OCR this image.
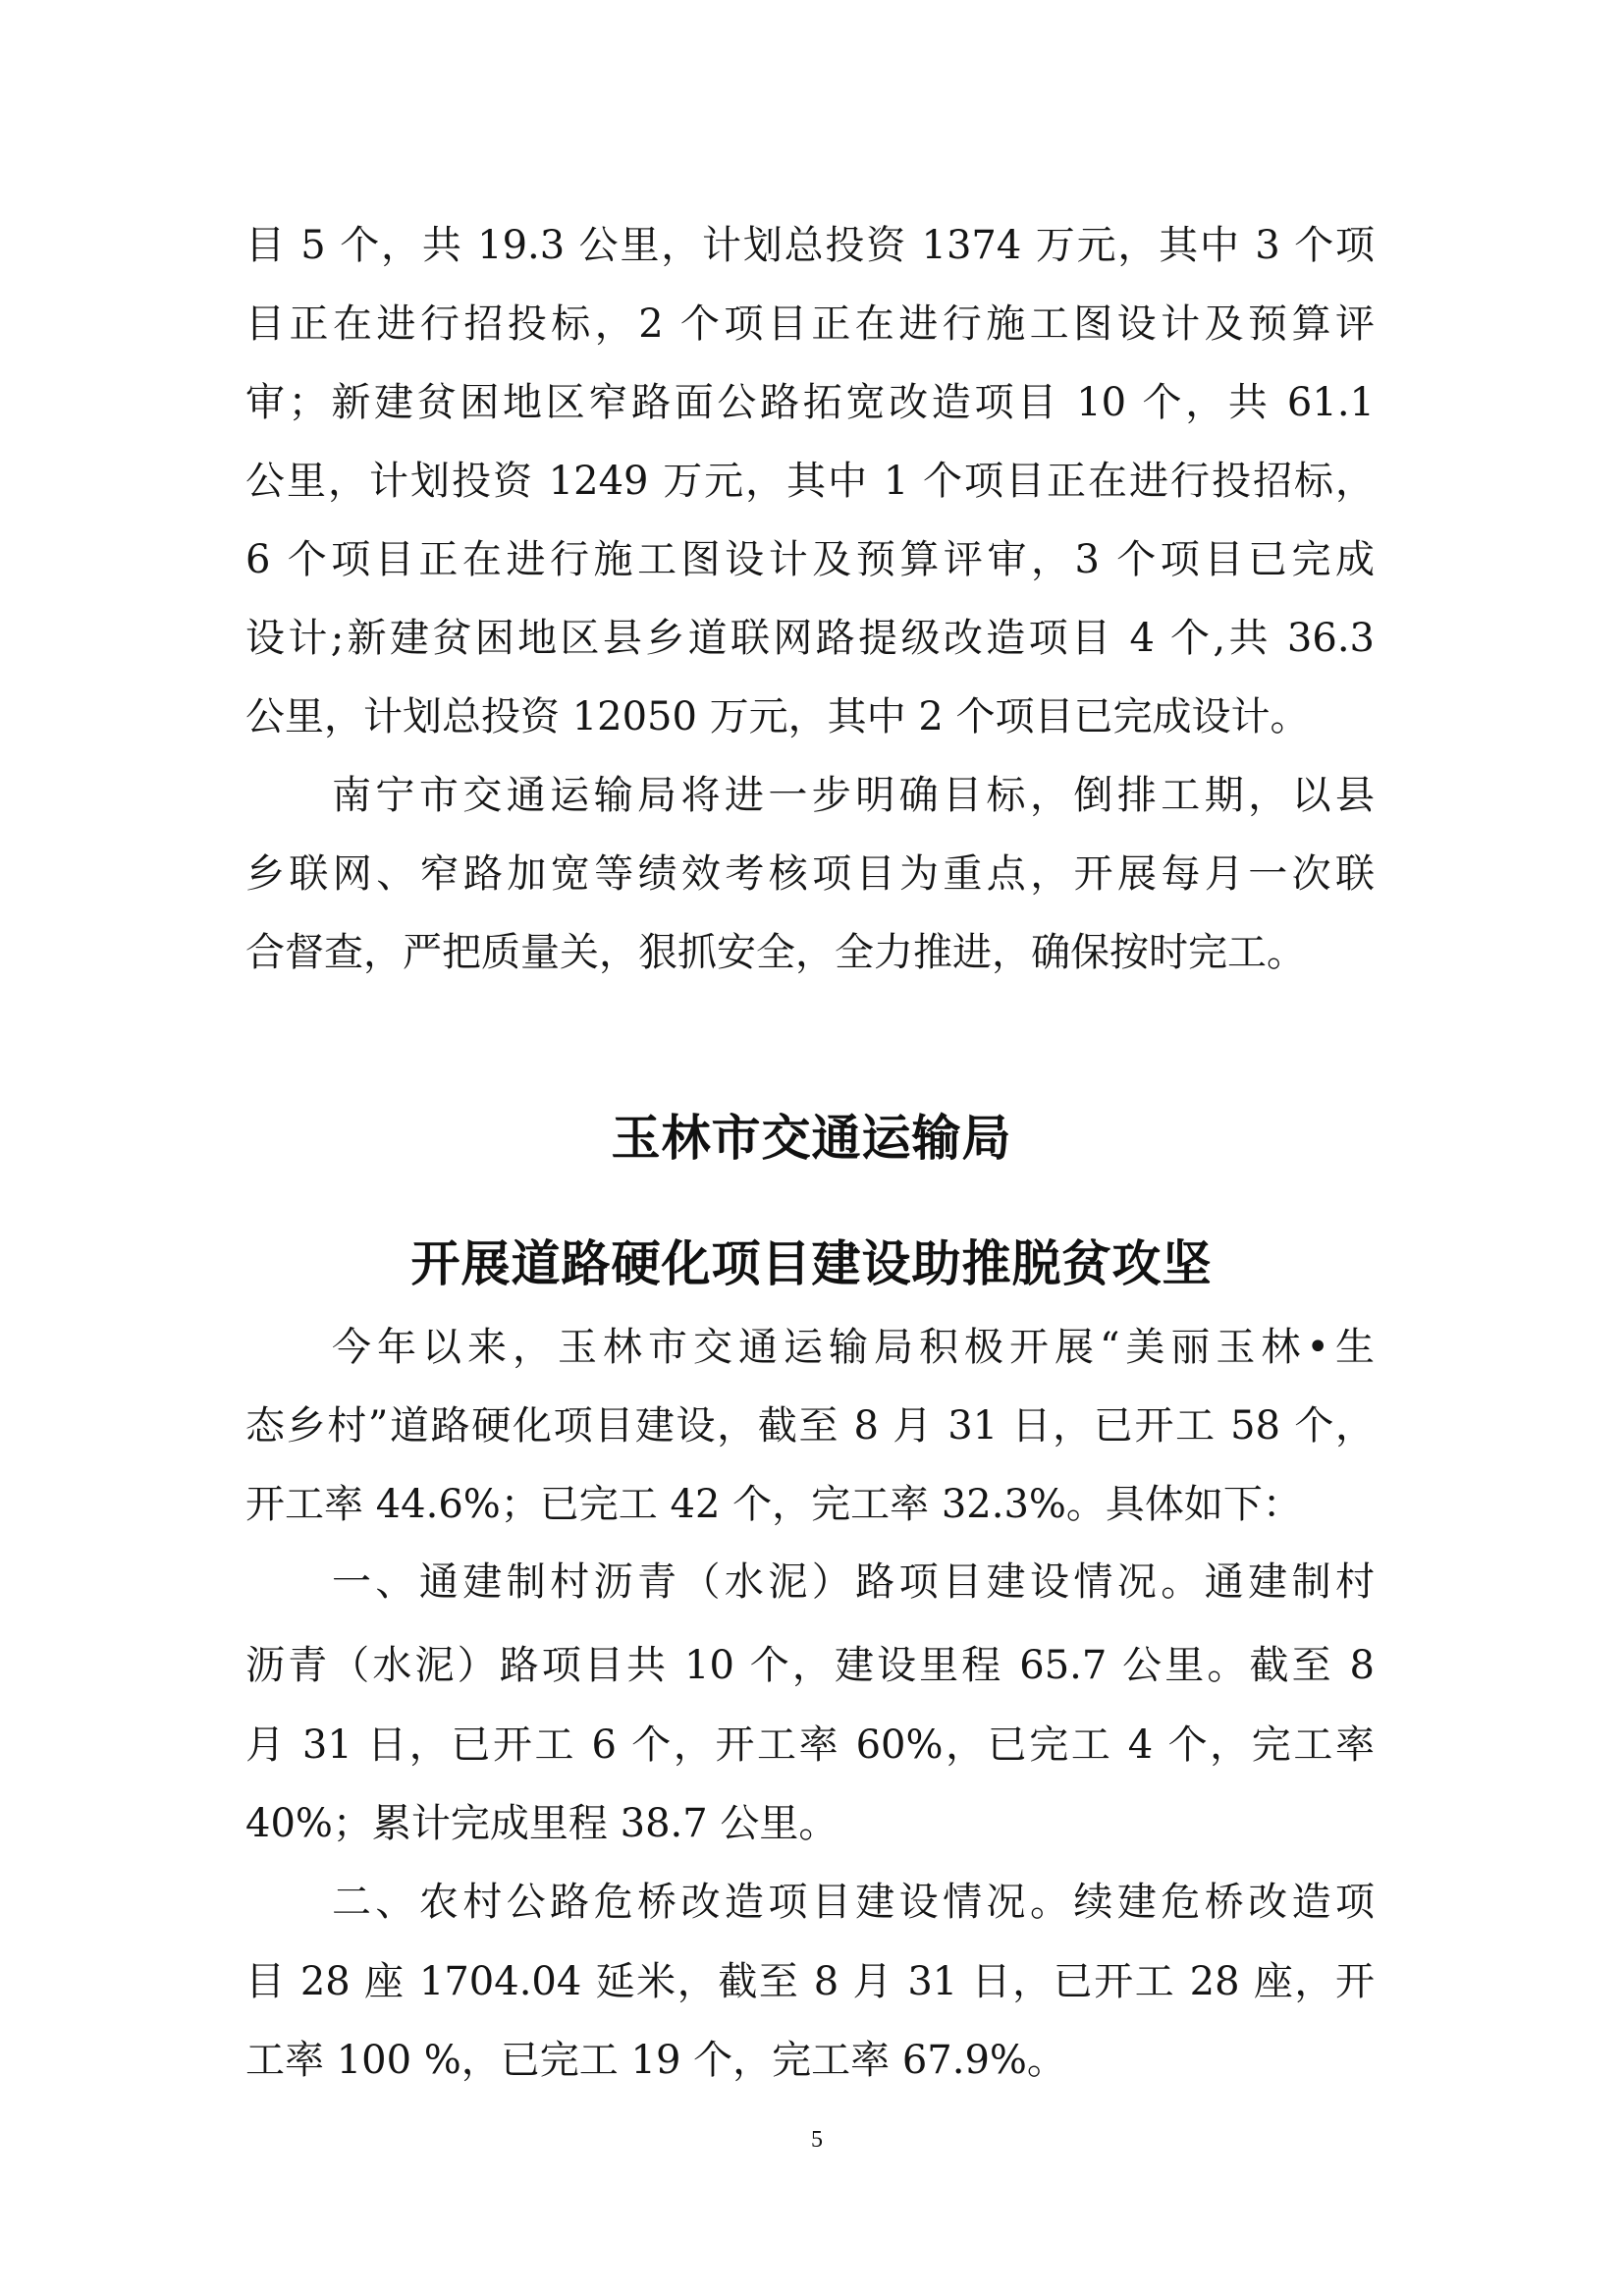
目 5 个，共 19.3 公里，计划总投资 1374 万元，其中 3 个项
目正在进行招投标，2 个项目正在进行施工图设计及预算评
审；新建贫困地区窄路面公路拓宽改造项目 10 个，共 61.1
公里，计划投资 1249 万元，其中 1 个项目正在进行投招标，
6 个项目正在进行施工图设计及预算评审，3 个项目已完成
设计;新建贫困地区县乡道联网路提级改造项目 4 个,共 36.3
公里，计划总投资 12050 万元，其中 2 个项目已完成设计。
南宁市交通运输局将进一步明确目标，倒排工期，以县
乡联网、窄路加宽等绩效考核项目为重点，开展每月一次联
合督查，严把质量关，狠抓安全，全力推进，确保按时完工。
玉林市交通运输局
开展道路硬化项目建设助推脱贫攻坚
今年以来，玉林市交通运输局积极开展“美丽玉林•生
态乡村”道路硬化项目建设，截至 8 月 31 日，已开工 58 个，
开工率 44.6%；已完工 42 个，完工率 32.3%。具体如下：
一、通建制村沥青（水泥）路项目建设情况。通建制村
沥青（水泥）路项目共 10 个，建设里程 65.7 公里。截至 8
月 31 日，已开工 6 个，开工率 60%，已完工 4 个，完工率
40%；累计完成里程 38.7 公里。
二、农村公路危桥改造项目建设情况。续建危桥改造项
目 28 座 1704.04 延米，截至 8 月 31 日，已开工 28 座，开
工率 100 %，已完工 19 个，完工率 67.9%。
5
